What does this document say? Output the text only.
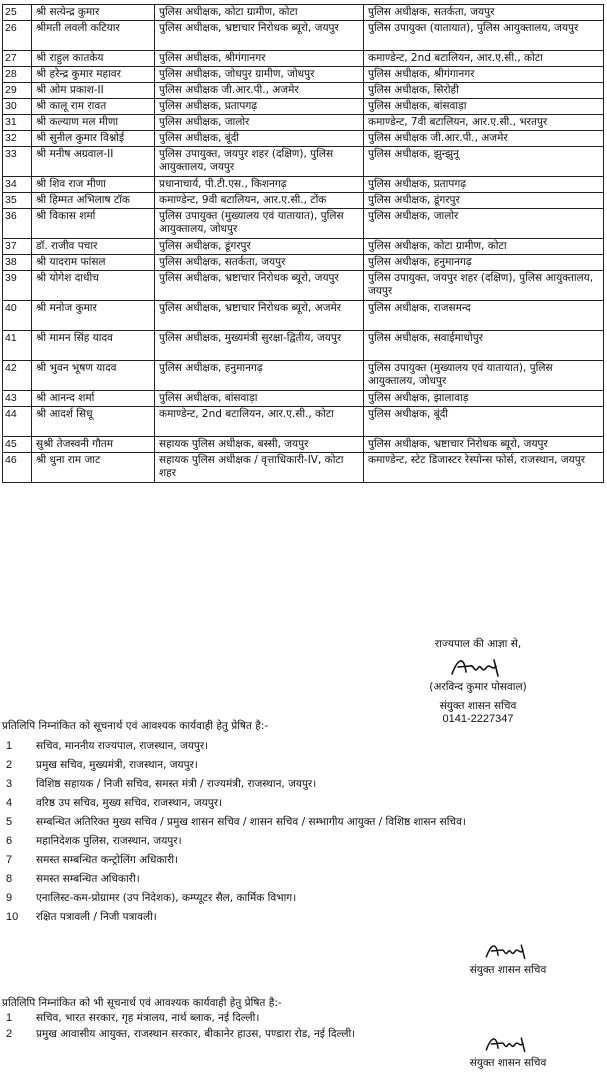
25	श्री सत्येन्द्र कुमार	पुलिस अधीक्षक, कोटा ग्रामीण, कोटा	पुलिस अधीक्षक, सतर्कता, जयपुर
26	श्रीमती लवली कटियार	पुलिस अधीक्षक, भ्रष्टाचार निरोधक ब्यूरो, जयपुर	पुलिस उपायुक्त (यातायात), पुलिस आयुक्तालय, जयपुर
27	श्री राहुल कातकेय	पुलिस अधीक्षक, श्रीगंगानगर	कमाण्डेन्ट, 2nd बटालियन, आर.ए.सी., कोटा
28	श्री हरेन्द्र कुमार महावर	पुलिस अधीक्षक, जोधपुर ग्रामीण, जोधपुर	पुलिस अधीक्षक, श्रीगंगानगर
29	श्री ओम प्रकाश-II	पुलिस अधीक्षक जी.आर.पी., अजमेर	पुलिस अधीक्षक, सिरोही
30	श्री कालू राम रावत	पुलिस अधीक्षक, प्रतापगढ़	पुलिस अधीक्षक, बांसवाड़ा
31	श्री कल्याण मल मीणा	पुलिस अधीक्षक, जालोर	कमाण्डेन्ट, 7वी बटालियन, आर.ए.सी., भरतपुर
32	श्री सुनील कुमार विश्नोई	पुलिस अधीक्षक, बूंदी	पुलिस अधीक्षक जी.आर.पी., अजमेर
33	श्री मनीष अग्रवाल-II	पुलिस उपायुक्त, जयपुर शहर (दक्षिण), पुलिस आयुक्तालय, जयपुर	पुलिस अधीक्षक, झुन्झुनू
34	श्री शिव राज मीणा	प्रधानाचार्य, पी.टी.एस., किशनगढ़	पुलिस अधीक्षक, प्रतापगढ़
35	श्री हिम्मत अभिलाष टॉक	कमाण्डेन्ट, 9वी बटालियन, आर.ए.सी., टोंक	पुलिस अधीक्षक, डूंगरपुर
36	श्री विकास शर्मा	पुलिस उपायुक्त (मुख्यालय एवं यातायात), पुलिस आयुक्तालय, जोधपुर	पुलिस अधीक्षक, जालोर
37	डॉ. राजीव पचार	पुलिस अधीक्षक, डूंगरपुर	पुलिस अधीक्षक, कोटा ग्रामीण, कोटा
38	श्री यादराम फांसल	पुलिस अधीक्षक, सतर्कता, जयपुर	पुलिस अधीक्षक, हनुमानगढ़
39	श्री योगेश दाधीच	पुलिस अधीक्षक, भ्रष्टाचार निरोधक ब्यूरो, जयपुर	पुलिस उपायुक्त, जयपुर शहर (दक्षिण), पुलिस आयुक्तालय, जयपुर
40	श्री मनोज कुमार	पुलिस अधीक्षक, भ्रष्टाचार निरोधक ब्यूरो, अजमेर	पुलिस अधीक्षक, राजसमन्द
41	श्री मामन सिंह यादव	पुलिस अधीक्षक, मुख्यमंत्री सुरक्षा-द्वितीय, जयपुर	पुलिस अधीक्षक, सवाईमाधोपुर
42	श्री भुवन भूषण यादव	पुलिस अधीक्षक, हनुमानगढ़	पुलिस उपायुक्त (मुख्यालय एवं यातायात), पुलिस आयुक्तालय, जोधपुर
43	श्री आनन्द शर्मा	पुलिस अधीक्षक, बांसवाड़ा	पुलिस अधीक्षक, झालावाड़
44	श्री आदर्श सिधू	कमाण्डेन्ट, 2nd बटालियन, आर.ए.सी., कोटा	पुलिस अधीक्षक, बूंदी
45	सुश्री तेजस्वनी गौतम	सहायक पुलिस अधीक्षक, बस्सी, जयपुर	पुलिस अधीक्षक, भ्रष्टाचार निरोधक ब्यूरो, जयपुर
46	श्री धुना राम जाट	सहायक पुलिस अधीक्षक / वृत्ताधिकारी-IV, कोटा शहर	कमाण्डेन्ट, स्टेट डिजास्टर रेस्पोन्स फोर्स, राजस्थान, जयपुर
राज्यपाल की आज्ञा से,
(अरविन्द कुमार पोसवाल)
संयुक्त शासन सचिव
0141-2227347
प्रतिलिपि निम्नांकित को सूचनार्थ एवं आवश्यक कार्यवाही हेतु प्रेषित है:-
1	सचिव, माननीय राज्यपाल, राजस्थान, जयपुर।
2	प्रमुख सचिव, मुख्यमंत्री, राजस्थान, जयपुर।
3	विशिष्ठ सहायक / निजी सचिव, समस्त मंत्री / राज्यमंत्री, राजस्थान, जयपुर।
4	वरिष्ठ उप सचिव, मुख्य सचिव, राजस्थान, जयपुर।
5	सम्बन्धित अतिरिक्त मुख्य सचिव / प्रमुख शासन सचिव / शासन सचिव / सम्भागीय आयुक्त / विशिष्ठ शासन सचिव।
6	महानिदेशक पुलिस, राजस्थान, जयपुर।
7	समस्त सम्बन्धित कन्ट्रोलिंग अधिकारी।
8	समस्त सम्बन्धित अधिकारी।
9	एनालिस्ट-कम-प्रोग्रामर (उप निदेशक), कम्प्यूटर सैल, कार्मिक विभाग।
10	रक्षित पत्रावली / निजी पत्रावली।
संयुक्त शासन सचिव
प्रतिलिपि निम्नांकित को भी सूचनार्थ एवं आवश्यक कार्यवाही हेतु प्रेषित है:-
1	सचिव, भारत सरकार, गृह मंत्रालय, नार्थ ब्लाक, नई दिल्ली।
2	प्रमुख आवासीय आयुक्त, राजस्थान सरकार, बीकानेर हाउस, पण्डारा रोड, नई दिल्ली।
संयुक्त शासन सचिव
